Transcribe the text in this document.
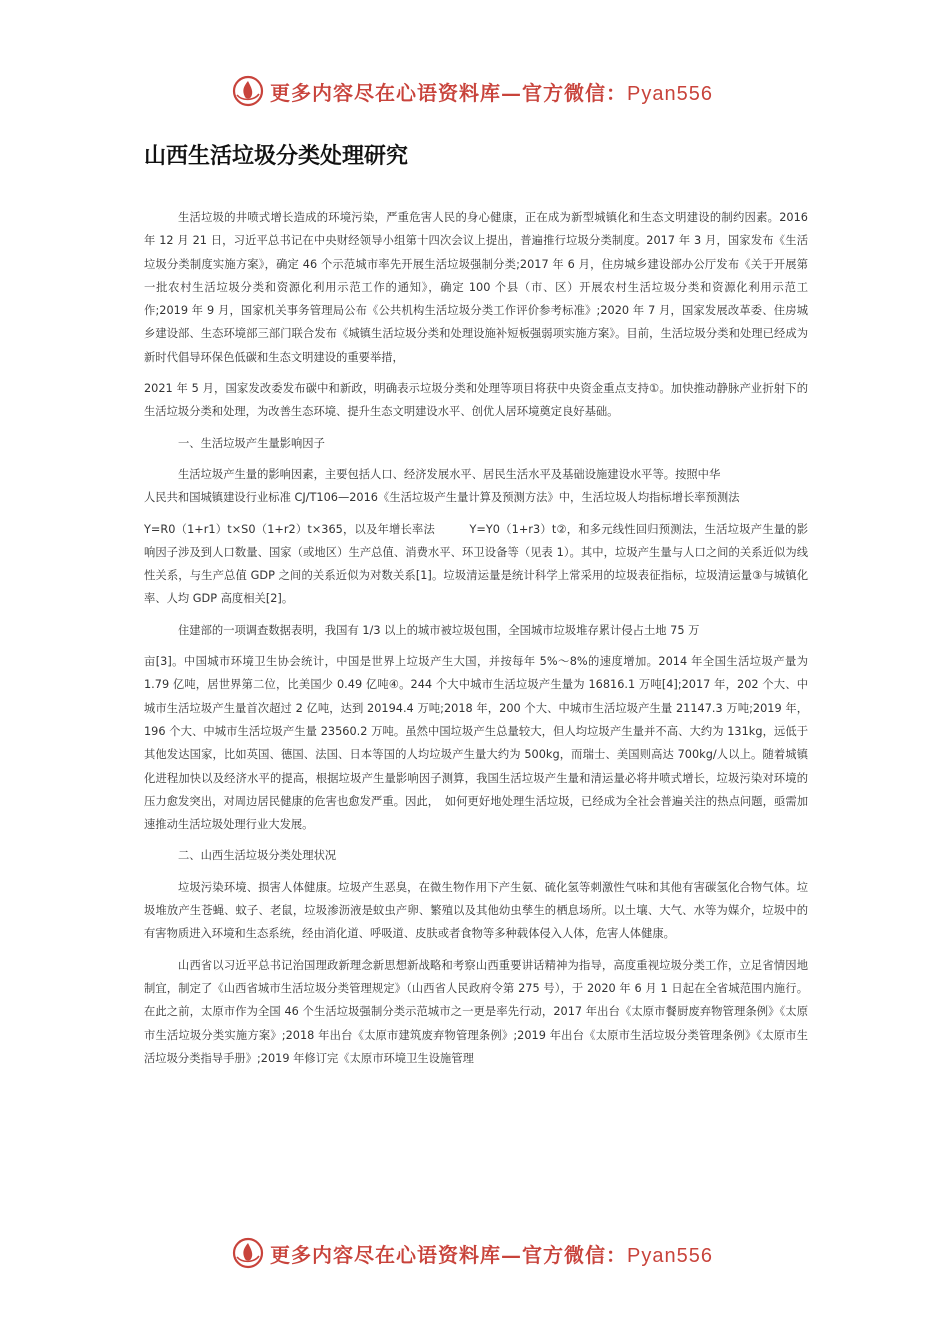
更多内容尽在心语资料库—官方微信：Pyan556
山西生活垃圾分类处理研究

生活垃圾的井喷式增长造成的环境污染，严重危害人民的身心健康，正在成为新型城镇化和生态文明建设的制约因素。2016 年 12 月 21 日，习近平总书记在中央财经领导小组第十四次会议上提出，普遍推行垃圾分类制度。2017 年 3 月，国家发布《生活垃圾分类制度实施方案》，确定 46 个示范城市率先开展生活垃圾强制分类;2017 年 6 月，住房城乡建设部办公厅发布《关于开展第一批农村生活垃圾分类和资源化利用示范工作的通知》，确定 100 个县（市、区）开展农村生活垃圾分类和资源化利用示范工作;2019 年 9 月，国家机关事务管理局公布《公共机构生活垃圾分类工作评价参考标准》;2020 年 7 月，国家发展改革委、住房城乡建设部、生态环境部三部门联合发布《城镇生活垃圾分类和处理设施补短板强弱项实施方案》。目前，生活垃圾分类和处理已经成为新时代倡导环保色低碳和生态文明建设的重要举措，

2021 年 5 月，国家发改委发布碳中和新政，明确表示垃圾分类和处理等项目将获中央资金重点支持①。加快推动静脉产业折射下的生活垃圾分类和处理，为改善生态环境、提升生态文明建设水平、创优人居环境奠定良好基础。

一、生活垃圾产生量影响因子

生活垃圾产生量的影响因素，主要包括人口、经济发展水平、居民生活水平及基础设施建设水平等。按照中华

人民共和国城镇建设行业标准 CJ/T106—2016《生活垃圾产生量计算及预测方法》中，生活垃圾人均指标增长率预测法

Y=R0（1+r1）t×S0（1+r2）t×365，以及年增长率法　　　Y=Y0（1+r3）t②，和多元线性回归预测法，生活垃圾产生量的影响因子涉及到人口数量、国家（或地区）生产总值、消费水平、环卫设备等（见表 1）。其中，垃圾产生量与人口之间的关系近似为线性关系，与生产总值 GDP 之间的关系近似为对数关系[1]。垃圾清运量是统计科学上常采用的垃圾表征指标，垃圾清运量③与城镇化率、人均 GDP 高度相关[2]。

住建部的一项调查数据表明，我国有 1/3 以上的城市被垃圾包围，全国城市垃圾堆存累计侵占土地 75 万

亩[3]。中国城市环境卫生协会统计，中国是世界上垃圾产生大国，并按每年 5%～8%的速度增加。2014 年全国生活垃圾产量为 1.79 亿吨，居世界第二位，比美国少 0.49 亿吨④。244 个大中城市生活垃圾产生量为 16816.1 万吨[4];2017 年，202 个大、中城市生活垃圾产生量首次超过 2 亿吨，达到 20194.4 万吨;2018 年，200 个大、中城市生活垃圾产生量 21147.3 万吨;2019 年，196 个大、中城市生活垃圾产生量 23560.2 万吨。虽然中国垃圾产生总量较大，但人均垃圾产生量并不高、大约为 131kg，远低于其他发达国家，比如英国、德国、法国、日本等国的人均垃圾产生量大约为 500kg，而瑞士、美国则高达 700kg/人以上。随着城镇化进程加快以及经济水平的提高，根据垃圾产生量影响因子测算，我国生活垃圾产生量和清运量必将井喷式增长，垃圾污染对环境的压力愈发突出，对周边居民健康的危害也愈发严重。因此，　如何更好地处理生活垃圾，已经成为全社会普遍关注的热点问题，亟需加速推动生活垃圾处理行业大发展。

二、山西生活垃圾分类处理状况

垃圾污染环境、损害人体健康。垃圾产生恶臭，在微生物作用下产生氨、硫化氢等刺激性气味和其他有害碳氢化合物气体。垃圾堆放产生苍蝇、蚊子、老鼠，垃圾渗沥液是蚊虫产卵、繁殖以及其他幼虫孳生的栖息场所。以土壤、大气、水等为媒介，垃圾中的有害物质进入环境和生态系统，经由消化道、呼吸道、皮肤或者食物等多种载体侵入人体，危害人体健康。

山西省以习近平总书记治国理政新理念新思想新战略和考察山西重要讲话精神为指导，高度重视垃圾分类工作，立足省情因地制宜，制定了《山西省城市生活垃圾分类管理规定》（山西省人民政府令第 275 号），于 2020 年 6 月 1 日起在全省城范围内施行。在此之前，太原市作为全国 46 个生活垃圾强制分类示范城市之一更是率先行动，2017 年出台《太原市餐厨废弃物管理条例》《太原市生活垃圾分类实施方案》;2018 年出台《太原市建筑废弃物管理条例》;2019 年出台《太原市生活垃圾分类管理条例》《太原市生活垃圾分类指导手册》;2019 年修订完《太原市环境卫生设施管理

更多内容尽在心语资料库—官方微信：Pyan556
